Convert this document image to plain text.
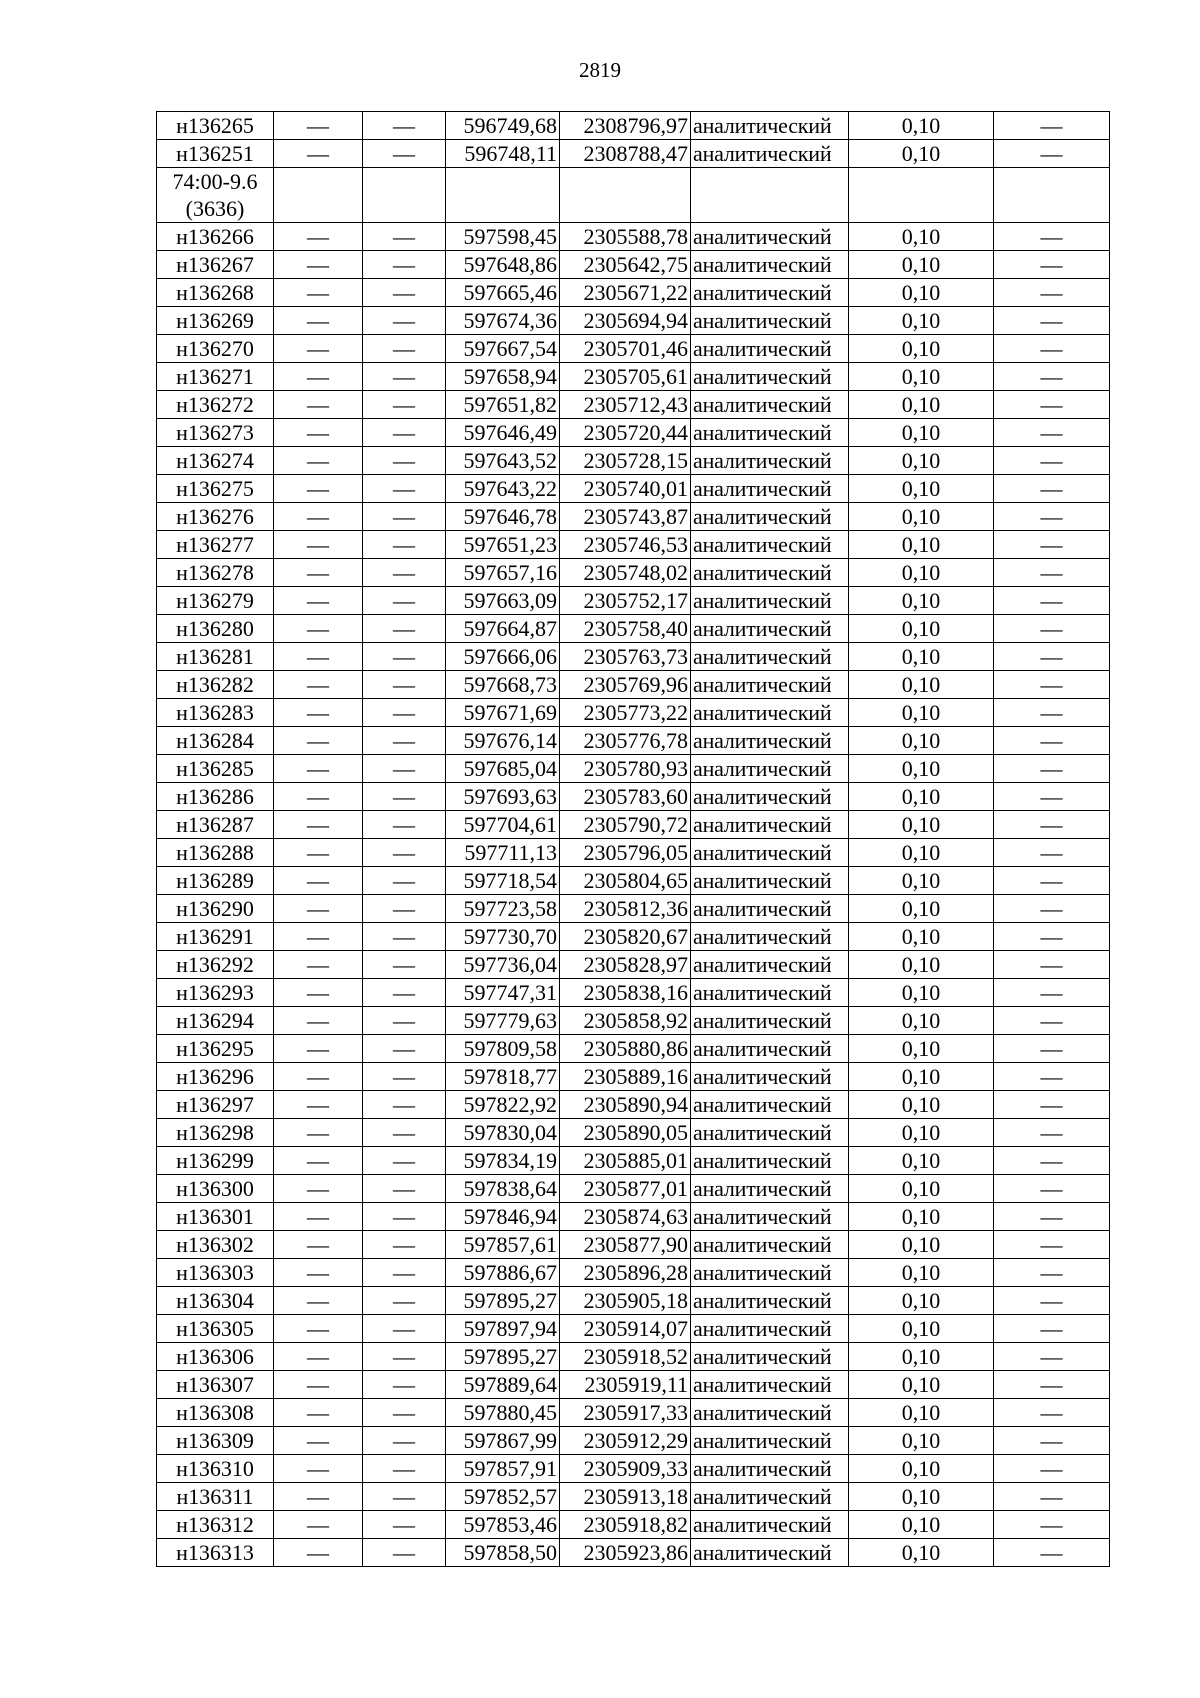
2819
н136265	—	—	596749,68	2308796,97	аналитический	0,10	—
н136251	—	—	596748,11	2308788,47	аналитический	0,10	—
74:00-9.6 (3636)							
н136266	—	—	597598,45	2305588,78	аналитический	0,10	—
н136267	—	—	597648,86	2305642,75	аналитический	0,10	—
н136268	—	—	597665,46	2305671,22	аналитический	0,10	—
н136269	—	—	597674,36	2305694,94	аналитический	0,10	—
н136270	—	—	597667,54	2305701,46	аналитический	0,10	—
н136271	—	—	597658,94	2305705,61	аналитический	0,10	—
н136272	—	—	597651,82	2305712,43	аналитический	0,10	—
н136273	—	—	597646,49	2305720,44	аналитический	0,10	—
н136274	—	—	597643,52	2305728,15	аналитический	0,10	—
н136275	—	—	597643,22	2305740,01	аналитический	0,10	—
н136276	—	—	597646,78	2305743,87	аналитический	0,10	—
н136277	—	—	597651,23	2305746,53	аналитический	0,10	—
н136278	—	—	597657,16	2305748,02	аналитический	0,10	—
н136279	—	—	597663,09	2305752,17	аналитический	0,10	—
н136280	—	—	597664,87	2305758,40	аналитический	0,10	—
н136281	—	—	597666,06	2305763,73	аналитический	0,10	—
н136282	—	—	597668,73	2305769,96	аналитический	0,10	—
н136283	—	—	597671,69	2305773,22	аналитический	0,10	—
н136284	—	—	597676,14	2305776,78	аналитический	0,10	—
н136285	—	—	597685,04	2305780,93	аналитический	0,10	—
н136286	—	—	597693,63	2305783,60	аналитический	0,10	—
н136287	—	—	597704,61	2305790,72	аналитический	0,10	—
н136288	—	—	597711,13	2305796,05	аналитический	0,10	—
н136289	—	—	597718,54	2305804,65	аналитический	0,10	—
н136290	—	—	597723,58	2305812,36	аналитический	0,10	—
н136291	—	—	597730,70	2305820,67	аналитический	0,10	—
н136292	—	—	597736,04	2305828,97	аналитический	0,10	—
н136293	—	—	597747,31	2305838,16	аналитический	0,10	—
н136294	—	—	597779,63	2305858,92	аналитический	0,10	—
н136295	—	—	597809,58	2305880,86	аналитический	0,10	—
н136296	—	—	597818,77	2305889,16	аналитический	0,10	—
н136297	—	—	597822,92	2305890,94	аналитический	0,10	—
н136298	—	—	597830,04	2305890,05	аналитический	0,10	—
н136299	—	—	597834,19	2305885,01	аналитический	0,10	—
н136300	—	—	597838,64	2305877,01	аналитический	0,10	—
н136301	—	—	597846,94	2305874,63	аналитический	0,10	—
н136302	—	—	597857,61	2305877,90	аналитический	0,10	—
н136303	—	—	597886,67	2305896,28	аналитический	0,10	—
н136304	—	—	597895,27	2305905,18	аналитический	0,10	—
н136305	—	—	597897,94	2305914,07	аналитический	0,10	—
н136306	—	—	597895,27	2305918,52	аналитический	0,10	—
н136307	—	—	597889,64	2305919,11	аналитический	0,10	—
н136308	—	—	597880,45	2305917,33	аналитический	0,10	—
н136309	—	—	597867,99	2305912,29	аналитический	0,10	—
н136310	—	—	597857,91	2305909,33	аналитический	0,10	—
н136311	—	—	597852,57	2305913,18	аналитический	0,10	—
н136312	—	—	597853,46	2305918,82	аналитический	0,10	—
н136313	—	—	597858,50	2305923,86	аналитический	0,10	—
